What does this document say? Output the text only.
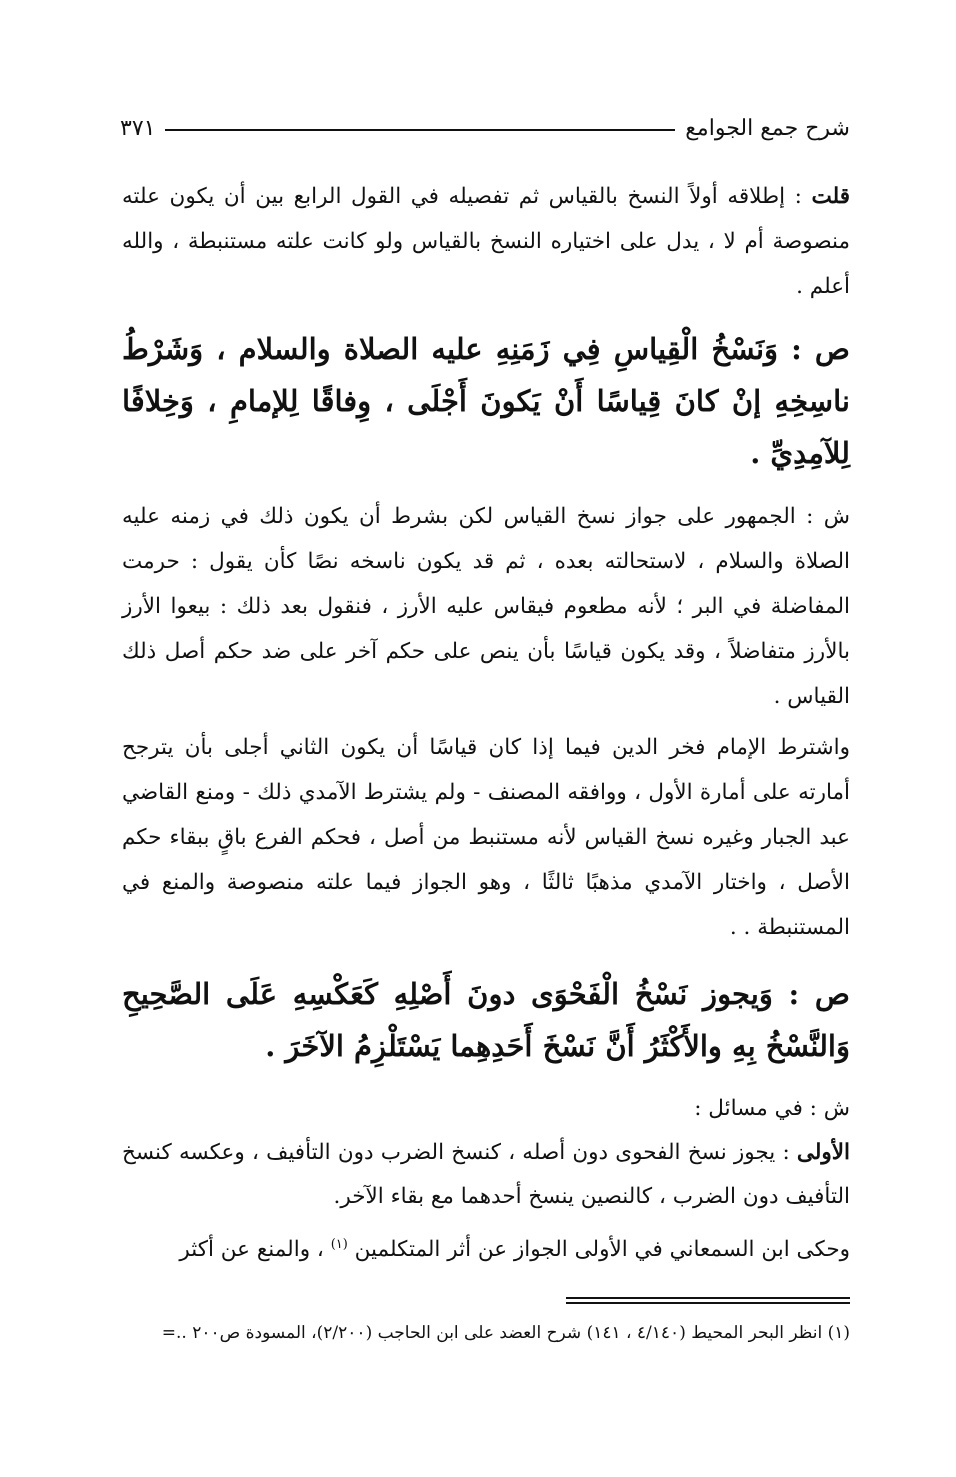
شرح جمع الجوامع
٣٧١

قلت : إطلاقه أولاً النسخ بالقياس ثم تفصيله في القول الرابع بين أن يكون علته منصوصة أم لا ، يدل على اختياره النسخ بالقياس ولو كانت علته مستنبطة ، والله أعلم .

ص : وَنَسْخُ الْقِياسِ فِي زَمَنِهِ عليه الصلاة والسلام ، وَشَرْطُ ناسِخِهِ إنْ كانَ قِياسًا أَنْ يَكونَ أَجْلَى ، وِفاقًا لِلإمامِ ، وَخِلافًا لِلآمِدِيِّ .

ش : الجمهور على جواز نسخ القياس لكن بشرط أن يكون ذلك في زمنه عليه الصلاة والسلام ، لاستحالته بعده ، ثم قد يكون ناسخه نصًا كأن يقول : حرمت المفاضلة في البر ؛ لأنه مطعوم فيقاس عليه الأرز ، فنقول بعد ذلك : بيعوا الأرز بالأرز متفاضلاً ، وقد يكون قياسًا بأن ينص على حكم آخر على ضد حكم أصل ذلك القياس .

واشترط الإمام فخر الدين فيما إذا كان قياسًا أن يكون الثاني أجلى بأن يترجح أمارته على أمارة الأول ، ووافقه المصنف - ولم يشترط الآمدي ذلك - ومنع القاضي عبد الجبار وغيره نسخ القياس لأنه مستنبط من أصل ، فحكم الفرع باقٍ ببقاء حكم الأصل ، واختار الآمدي مذهبًا ثالثًا ، وهو الجواز فيما علته منصوصة والمنع في المستنبطة . .

ص : وَيجوز نَسْخُ الْفَحْوَى دونَ أَصْلِهِ كَعَكْسِهِ عَلَى الصَّحِيحِ وَالنَّسْخُ بِهِ والأَكْثَرُ أَنَّ نَسْخَ أَحَدِهِما يَسْتَلْزِمُ الآخَرَ .

ش : في مسائل :

الأولى : يجوز نسخ الفحوى دون أصله ، كنسخ الضرب دون التأفيف ، وعكسه كنسخ التأفيف دون الضرب ، كالنصين ينسخ أحدهما مع بقاء الآخر.

وحكى ابن السمعاني في الأولى الجواز عن أثر المتكلمين $^{(١)}$ ، والمنع عن أكثر

(١) انظر البحر المحيط (٤/١٤٠ ، ١٤١) شرح العضد على ابن الحاجب (٢/٢٠٠)، المسودة ص٢٠٠ ..=
